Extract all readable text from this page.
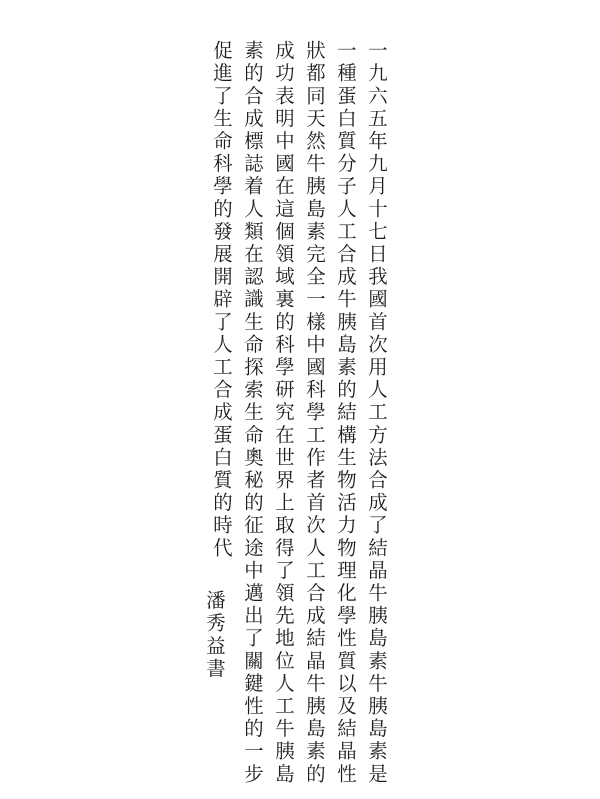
一九六五年九月十七日我國首次用人工方法合成了結晶牛胰島素牛胰島素是
一種蛋白質分子人工合成牛胰島素的結構生物活力物理化學性質以及結晶性
狀都同天然牛胰島素完全一樣中國科學工作者首次人工合成結晶牛胰島素的
成功表明中國在這個領域裏的科學研究在世界上取得了領先地位人工牛胰島
素的合成標誌着人類在認識生命探索生命奧秘的征途中邁出了關鍵性的一步
促進了生命科學的發展開辟了人工合成蛋白質的時代
潘秀益書
